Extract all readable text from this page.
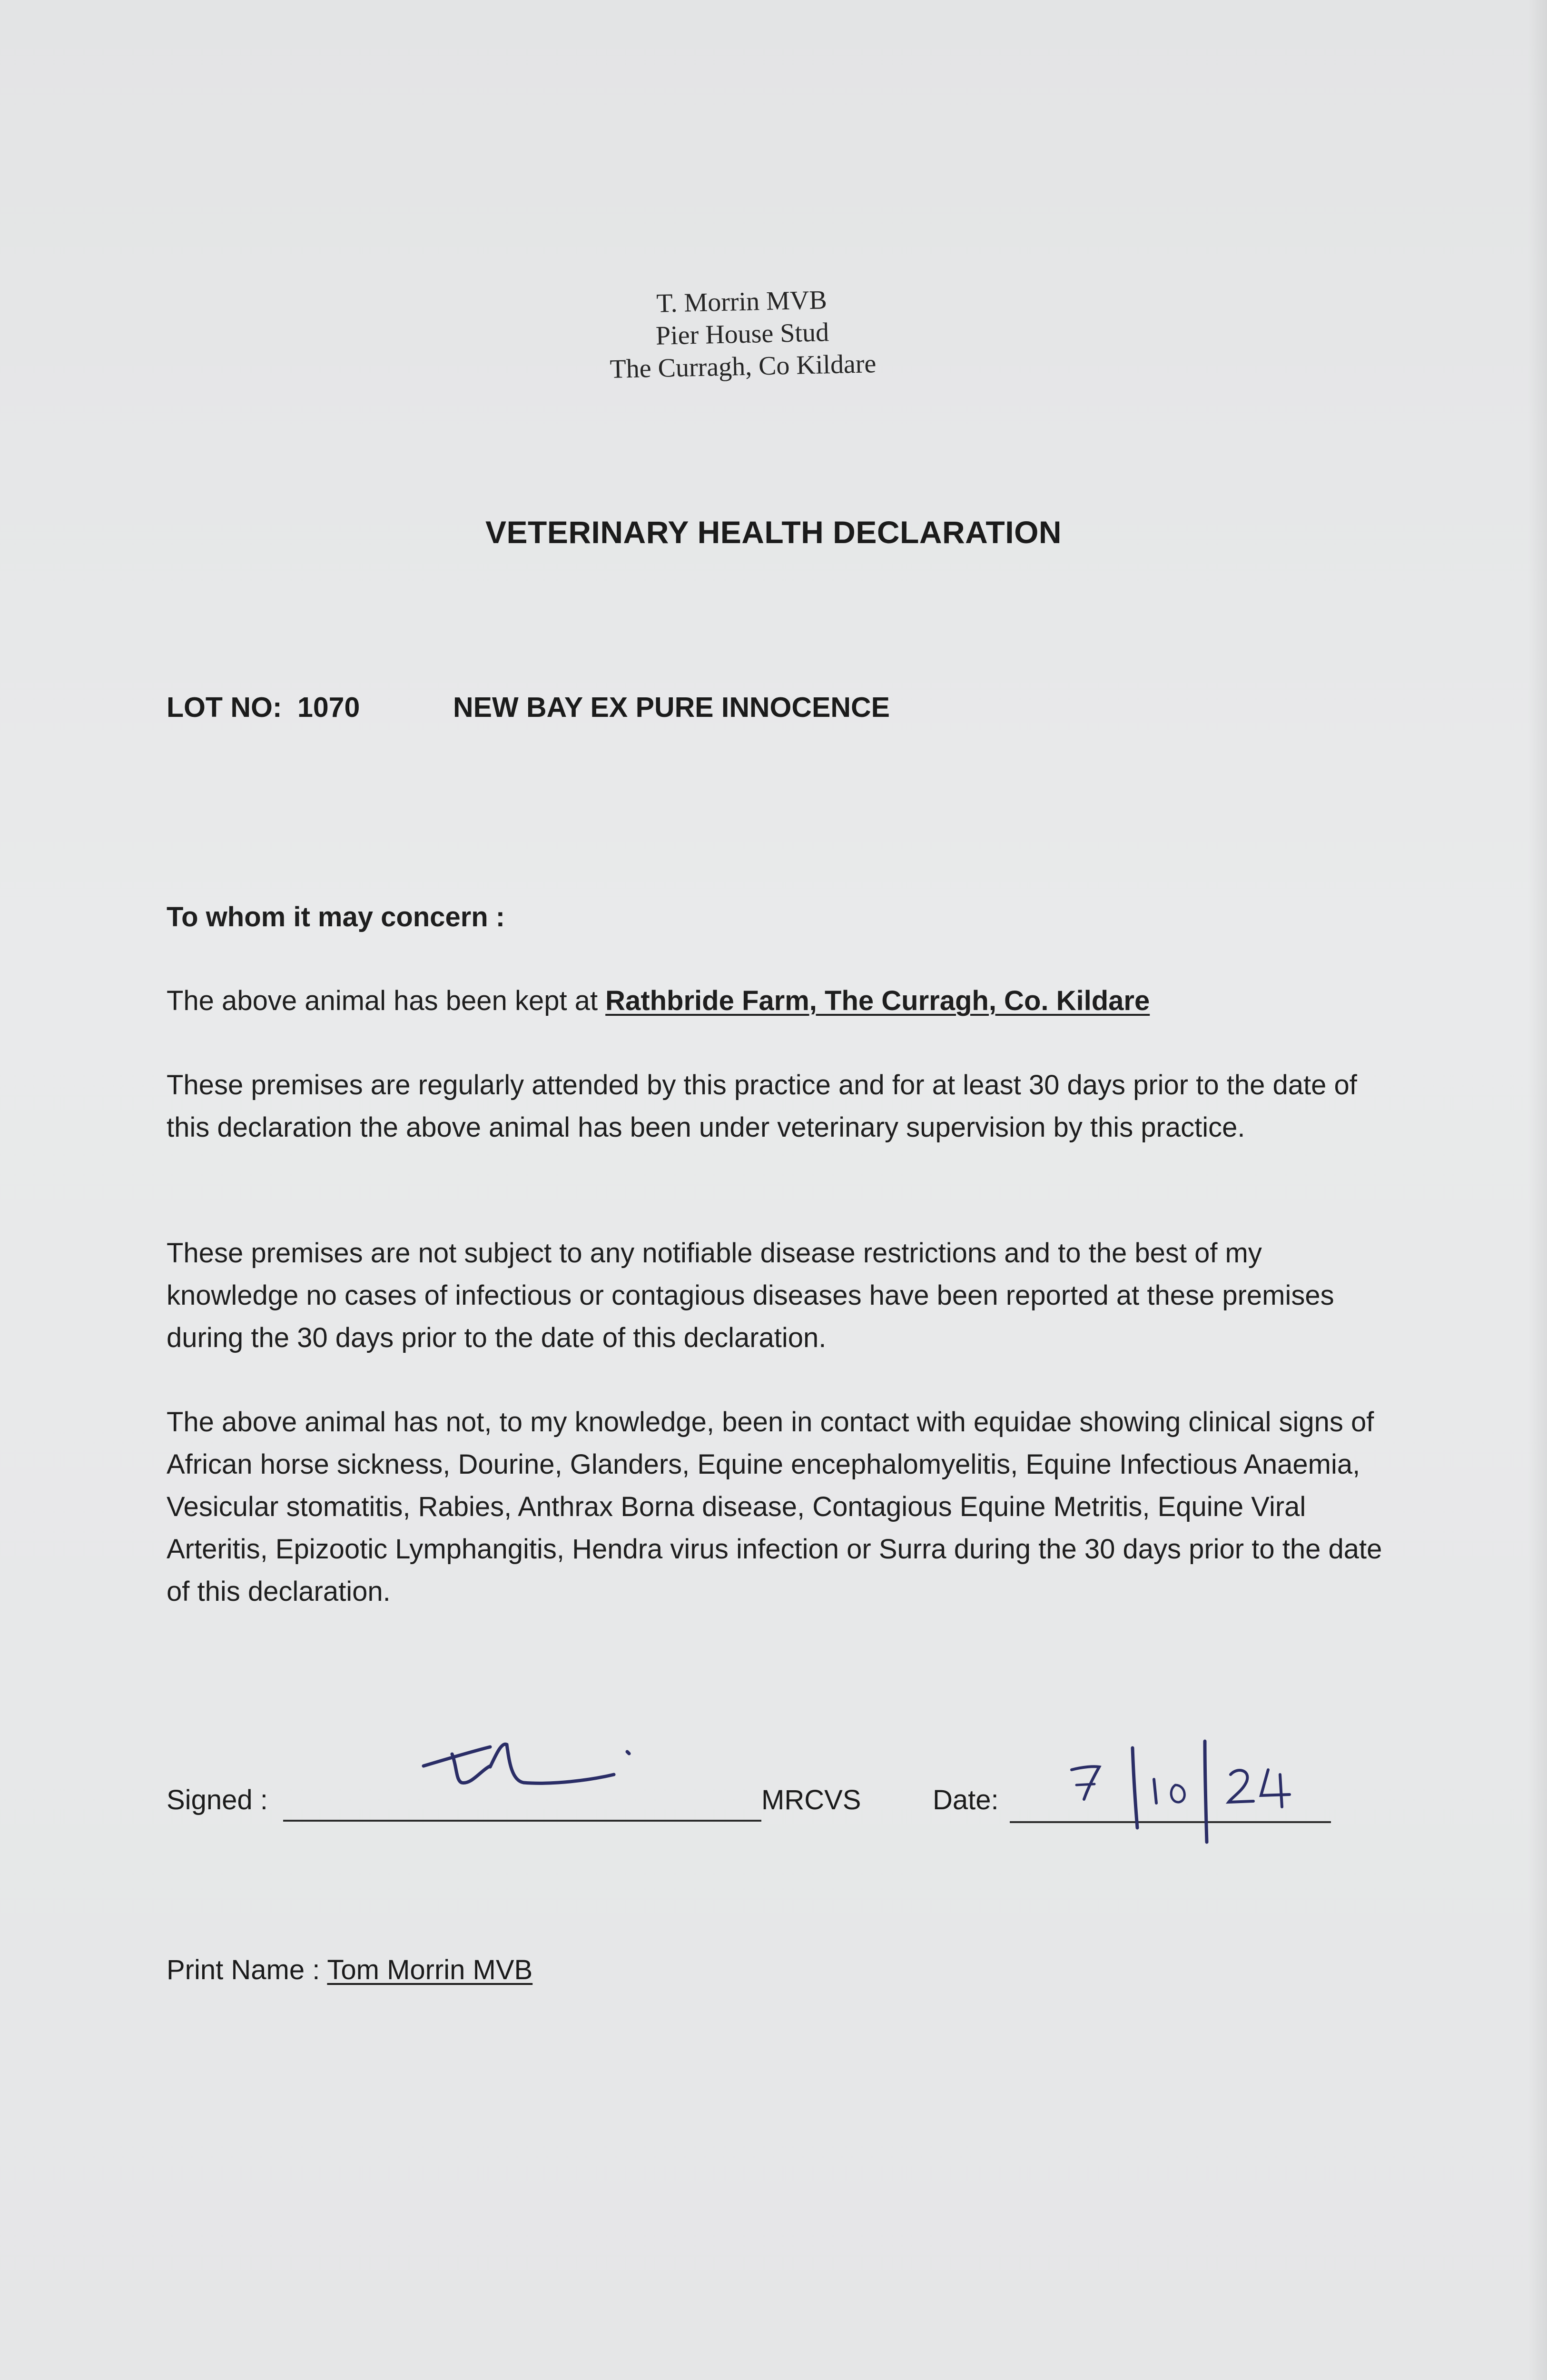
T. Morrin MVB
Pier House Stud
The Curragh, Co Kildare
VETERINARY HEALTH DECLARATION
LOT NO: 1070	NEW BAY EX PURE INNOCENCE
To whom it may concern :
The above animal has been kept at Rathbride Farm, The Curragh, Co. Kildare

These premises are regularly attended by this practice and for at least 30 days prior to the date of this declaration the above animal has been under veterinary supervision by this practice.

These premises are not subject to any notifiable disease restrictions and to the best of my knowledge no cases of infectious or contagious diseases have been reported at these premises during the 30 days prior to the date of this declaration.

The above animal has not, to my knowledge, been in contact with equidae showing clinical signs of African horse sickness, Dourine, Glanders, Equine encephalomyelitis, Equine Infectious Anaemia, Vesicular stomatitis, Rabies, Anthrax Borna disease, Contagious Equine Metritis, Equine Viral Arteritis, Epizootic Lymphangitis, Hendra virus infection or Surra during the 30 days prior to the date of this declaration.

Signed :	MRCVS	Date:
Print Name : Tom Morrin MVB
